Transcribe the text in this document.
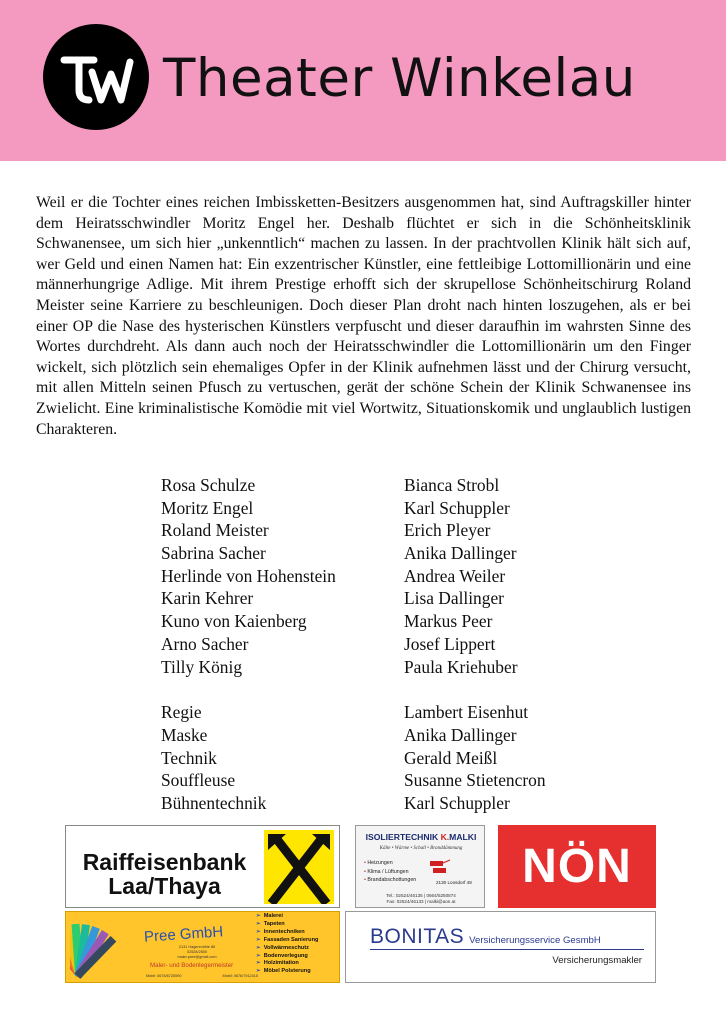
Theater Winkelau

Weil er die Tochter eines reichen Imbissketten-Besitzers ausgenommen hat, sind Auftragskiller hinter dem Heiratsschwindler Moritz Engel her. Deshalb flüchtet er sich in die Schönheitsklinik Schwanensee, um sich hier „unkenntlich“ machen zu lassen. In der prachtvollen Klinik hält sich auf, wer Geld und einen Namen hat: Ein exzentrischer Künstler, eine fettleibige Lottomillionärin und eine männerhungrige Adlige. Mit ihrem Prestige erhofft sich der skrupellose Schönheitschirurg Roland Meister seine Karriere zu beschleunigen. Doch dieser Plan droht nach hinten loszugehen, als er bei einer OP die Nase des hysterischen Künstlers verpfuscht und dieser daraufhin im wahrsten Sinne des Wortes durchdreht. Als dann auch noch der Heiratsschwindler die Lottomillionärin um den Finger wickelt, sich plötzlich sein ehemaliges Opfer in der Klinik aufnehmen lässt und der Chirurg versucht, mit allen Mitteln seinen Pfusch zu vertuschen, gerät der schöne Schein der Klinik Schwanensee ins Zwielicht. Eine kriminalistische Komödie mit viel Wortwitz, Situationskomik und unglaublich lustigen Charakteren.

Rosa Schulze	Bianca Strobl
Moritz Engel	Karl Schuppler
Roland Meister	Erich Pleyer
Sabrina Sacher	Anika Dallinger
Herlinde von Hohenstein	Andrea Weiler
Karin Kehrer	Lisa Dallinger
Kuno von Kaienberg	Markus Peer
Arno Sacher	Josef Lippert
Tilly König	Paula Kriehuber
Regie	Lambert Eisenhut
Maske	Anika Dallinger
Technik	Gerald Meißl
Souffleuse	Susanne Stietencron
Bühnentechnik	Karl Schuppler
Raiffeisenbank
Laa/Thaya
ISOLIERTECHNIK K.MALKI
Kälte • Wärme • Schall • Branddämmung
• Heizungen
• Klima / Lüftungen
• Brandabschottungen	2130 Loosdorf 48
Tel.: 02524/46135 | 0664/5250874
Fax: 02524/46133 | malki@aon.at
NÖN
Pree GmbH
2131 Hagenmühle 86
02528/2650
maler.pree@gmail.com
Maler- und Bodenlegermeister
Mobil: 0676/6725590	Mobil: 0676/7912415
➢ Malerei
➢ Tapeten
➢ Innentechniken
➢ Fassaden Sanierung
➢ Vollwärmeschutz
➢ Bodenverlegung
➢ Holzimitation
➢ Möbel Polsterung
BONITAS Versicherungsservice GesmbH
Versicherungsmakler
